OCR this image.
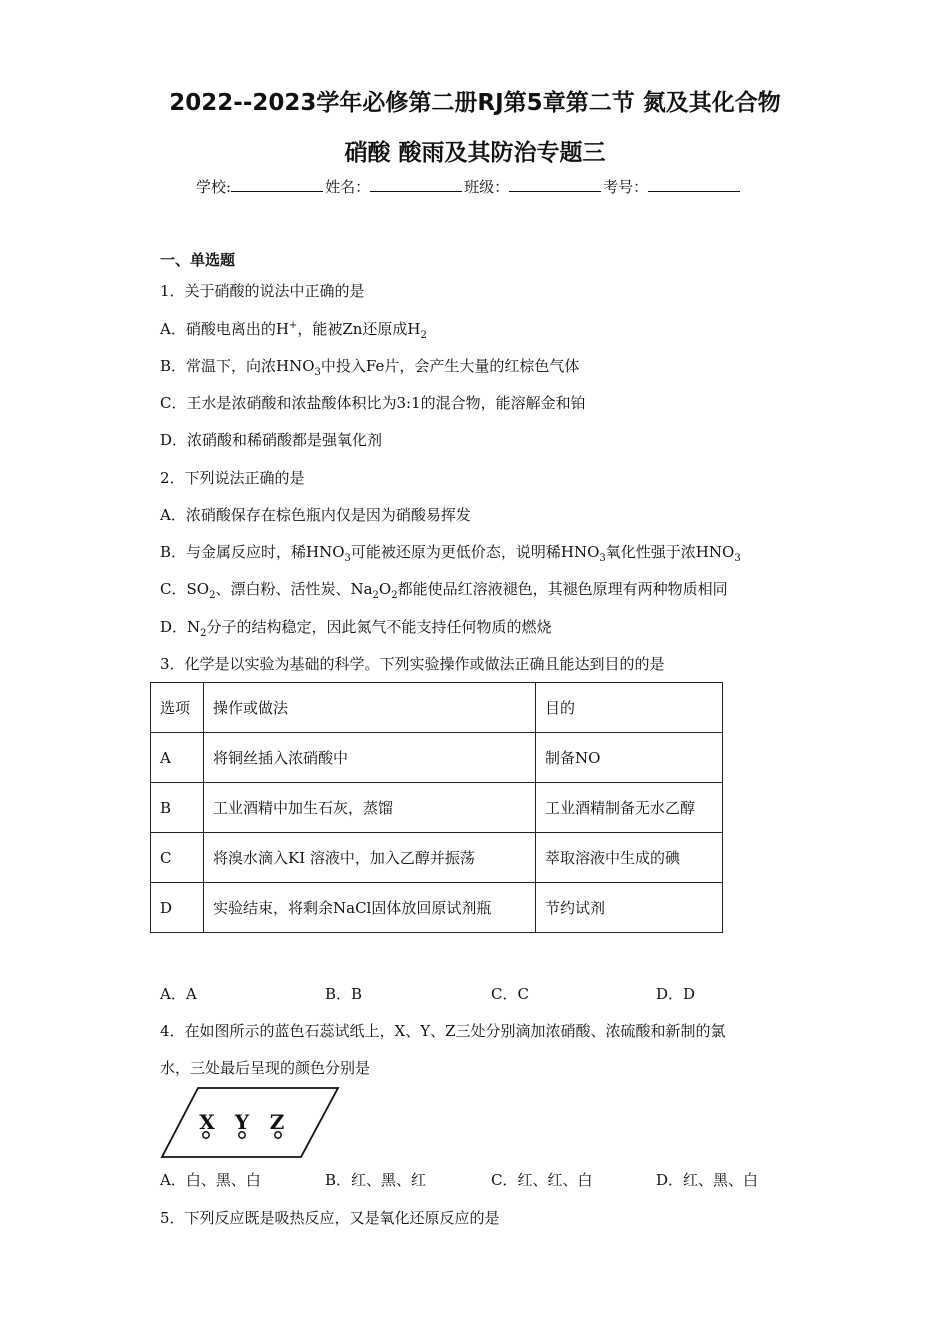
2022--2023学年必修第二册RJ第5章第二节 氮及其化合物
硝酸 酸雨及其防治专题三
学校:	姓名：	班级：	考号：
一、单选题
1．关于硝酸的说法中正确的是
A．硝酸电离出的H+，能被Zn还原成$H_2$
B．常温下，向浓$HNO_3$中投入Fe片，会产生大量的红棕色气体
C．王水是浓硝酸和浓盐酸体积比为3:1的混合物，能溶解金和铂
D．浓硝酸和稀硝酸都是强氧化剂
2．下列说法正确的是
A．浓硝酸保存在棕色瓶内仅是因为硝酸易挥发
B．与金属反应时，稀$HNO_3$可能被还原为更低价态，说明稀$HNO_3$氧化性强于浓$HNO_3$
C．$SO_2$、漂白粉、活性炭、$Na_2O_2$都能使品红溶液褪色，其褪色原理有两种物质相同
D．$N_2$分子的结构稳定，因此氮气不能支持任何物质的燃烧
3．化学是以实验为基础的科学。下列实验操作或做法正确且能达到目的的是
选项	操作或做法	目的
A	将铜丝插入浓硝酸中	制备NO
B	工业酒精中加生石灰，蒸馏	工业酒精制备无水乙醇
C	将溴水滴入KI 溶液中，加入乙醇并振荡	萃取溶液中生成的碘
D	实验结束，将剩余NaCl固体放回原试剂瓶	节约试剂
A．A	B．B	C．C	D．D
4．在如图所示的蓝色石蕊试纸上，X、Y、Z三处分别滴加浓硝酸、浓硫酸和新制的氯
水，三处最后呈现的颜色分别是
X Y Z
A．白、黑、白	B．红、黑、红	C．红、红、白	D．红、黑、白
5．下列反应既是吸热反应，又是氧化还原反应的是
